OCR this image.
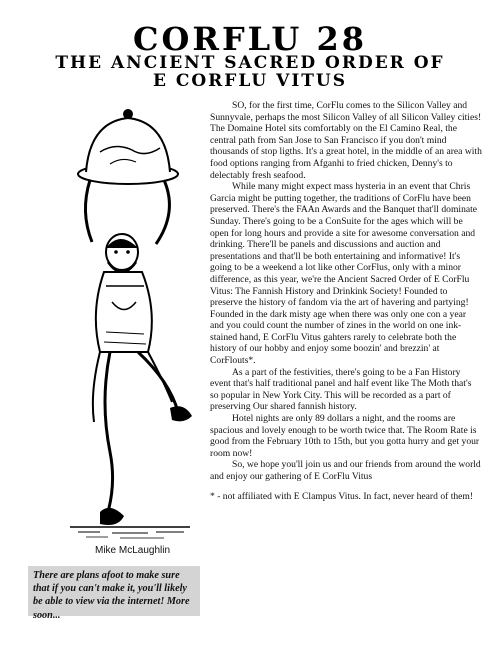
CORFLU 28
THE ANCIENT SACRED ORDER OF
E CORFLU VITUS
Mike McLaughlin
There are plans afoot to make sure that if you can't make it, you'll likely be able to view via the internet! More soon...

SO, for the first time, CorFlu comes to the Silicon Valley and Sunnyvale, perhaps the most Silicon Valley of all Silicon Valley cities! The Domaine Hotel sits comfortably on the El Camino Real, the central path from San Jose to San Francisco if you don't mind thousands of stop ligths. It's a great hotel, in the middle of an area with food options ranging from Afganhi to fried chicken, Denny's to delectably fresh seafood.

While many might expect mass hysteria in an event that Chris Garcia might be putting together, the traditions of CorFlu have been preserved. There's the FAAn Awards and the Banquet that'll dominate Sunday. There's going to be a ConSuite for the ages which will be open for long hours and provide a site for awesome conversation and drinking. There'll be panels and discussions and auction and presentations and that'll be both entertaining and informative! It's going to be a weekend a lot like other CorFlus, only with a minor difference, as this year, we're the Ancient Sacred Order of E CorFlu Vitus: The Fannish History and Drinkink Society! Founded to preserve the history of fandom via the art of havering and partying! Founded in the dark misty age when there was only one con a year and you could count the number of zines in the world on one ink-stained hand, E CorFlu Vitus gahters rarely to celebrate both the history of our hobby and enjoy some boozin' and brezzin' at CorFlouts*.

As a part of the festivities, there's going to be a Fan History event that's half traditional panel and half event like The Moth that's so popular in New York City. This will be recorded as a part of preserving Our shared fannish history.

Hotel nights are only 89 dollars a night, and the rooms are spacious and lovely enough to be worth twice that. The Room Rate is good from the February 10th to 15th, but you gotta hurry and get your room now!

So, we hope you'll join us and our friends from around the world and enjoy our gathering of E CorFlu Vitus

* - not affiliated with E Clampus Vitus. In fact, never heard of them!
